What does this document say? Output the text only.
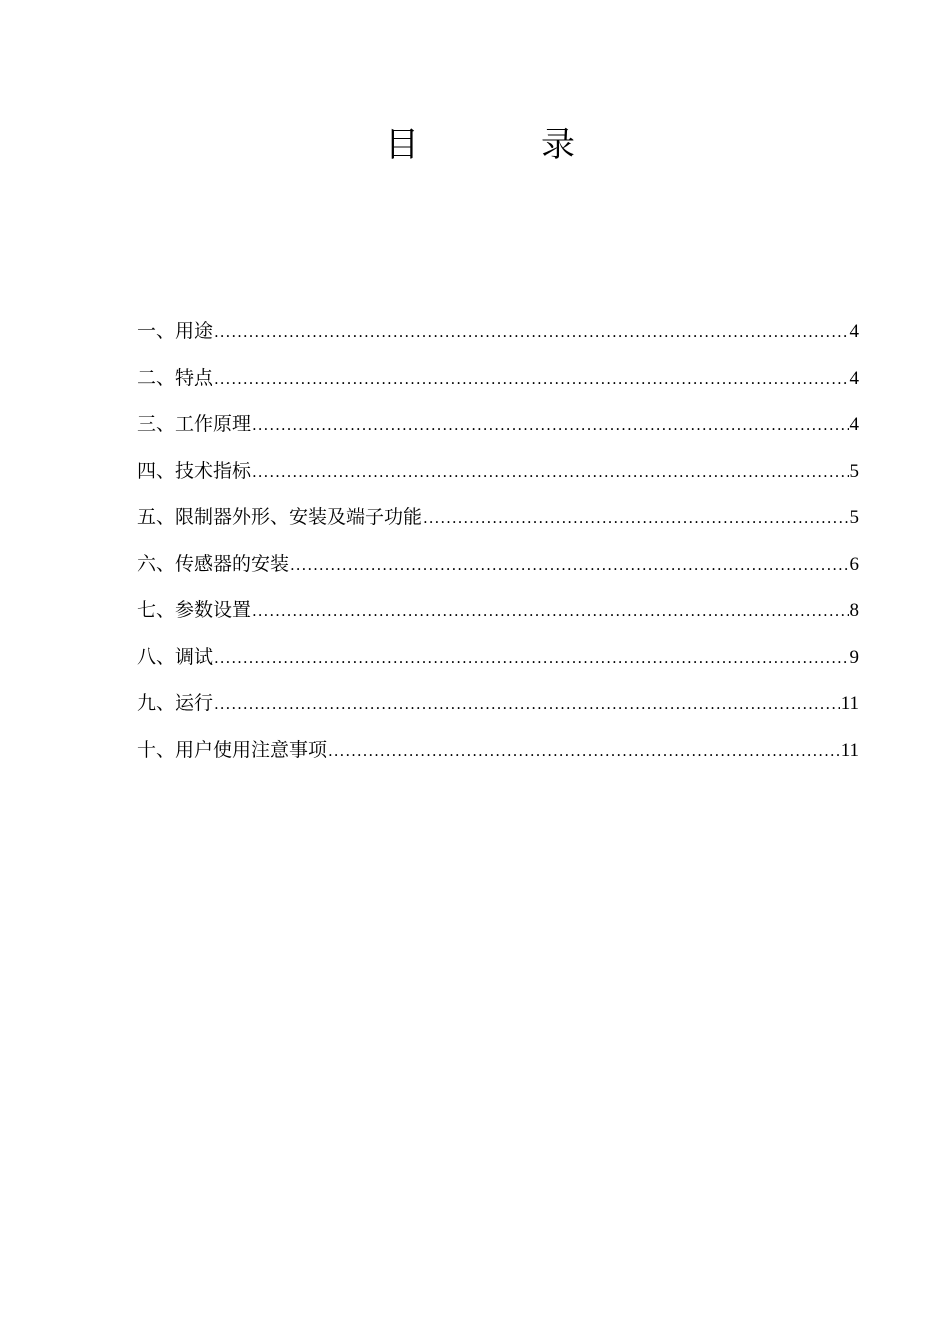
目	录
一、用途 .....	4
二、特点 .....	4
三、工作原理 .....	4
四、技术指标 .....	5
五、限制器外形、安装及端子功能 .....	5
六、传感器的安装 .....	6
七、参数设置 .....	8
八、调试 .....	9
九、运行 .....	11
十、用户使用注意事项 .....	11
